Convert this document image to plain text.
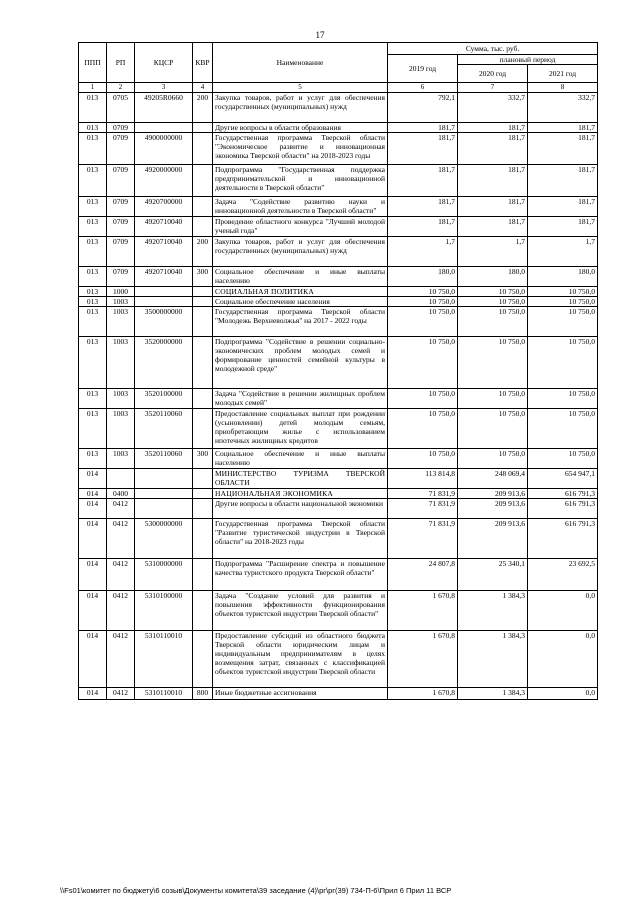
17
ППП	РП	КЦСР	КВР	Наименование	Сумма, тыс. руб.		
					2019 год	плановый период	
						2020 год	2021 год
1	2	3	4	5	6	7	8
013	0705	49205R0660	200	Закупка товаров, работ и услуг для обеспечения государственных (муниципальных) нужд	792,1	332,7	332,7
013	0709			Другие вопросы в области образования	181,7	181,7	181,7
013	0709	4900000000		Государственная программа Тверской области "Экономическое развитие и инновационная экономика Тверской области" на 2018-2023 годы	181,7	181,7	181,7
013	0709	4920000000		Подпрограмма "Государственная поддержка предпринимательской и инновационной деятельности в Тверской области"	181,7	181,7	181,7
013	0709	4920700000		Задача "Содействие развитию науки и инновационной деятельности в Тверской области"	181,7	181,7	181,7
013	0709	4920710040		Проведение областного конкурса "Лучший молодой ученый года"	181,7	181,7	181,7
013	0709	4920710040	200	Закупка товаров, работ и услуг для обеспечения государственных (муниципальных) нужд	1,7	1,7	1,7
013	0709	4920710040	300	Социальное обеспечение и иные выплаты населению	180,0	180,0	180,0
013	1000			СОЦИАЛЬНАЯ ПОЛИТИКА	10 750,0	10 750,0	10 750,0
013	1003			Социальное обеспечение населения	10 750,0	10 750,0	10 750,0
013	1003	3500000000		Государственная программа Тверской области "Молодежь Верхневолжья" на 2017 - 2022 годы	10 750,0	10 750,0	10 750,0
013	1003	3520000000		Подпрограмма "Содействие в решении социально-экономических проблем молодых семей и формирование ценностей семейной культуры в молодежной среде"	10 750,0	10 750,0	10 750,0
013	1003	3520100000		Задача "Содействие в решении жилищных проблем молодых семей"	10 750,0	10 750,0	10 750,0
013	1003	3520110060		Предоставление социальных выплат при рождении (усыновлении) детей молодым семьям, приобретающим жилье с использованием ипотечных жилищных кредитов	10 750,0	10 750,0	10 750,0
013	1003	3520110060	300	Социальное обеспечение и иные выплаты населению	10 750,0	10 750,0	10 750,0
014				МИНИСТЕРСТВО ТУРИЗМА ТВЕРСКОЙ ОБЛАСТИ	113 814,8	248 069,4	654 947,1
014	0400			НАЦИОНАЛЬНАЯ ЭКОНОМИКА	71 831,9	209 913,6	616 791,3
014	0412			Другие вопросы в области национальной экономики	71 831,9	209 913,6	616 791,3
014	0412	5300000000		Государственная программа Тверской области "Развитие туристической индустрии в Тверской области" на 2018-2023 годы	71 831,9	209 913,6	616 791,3
014	0412	5310000000		Подпрограмма "Расширение спектра и повышение качества туристского продукта Тверской области"	24 807,8	25 340,1	23 692,5
014	0412	5310100000		Задача "Создание условий для развития и повышения эффективности функционирования объектов туристской индустрии Тверской области"	1 670,8	1 384,3	0,0
014	0412	5310110010		Предоставление субсидий из областного бюджета Тверской области юридическим лицам и индивидуальным предпринимателям в целях возмещения затрат, связанных с классификацией объектов туристской индустрии Тверской области	1 670,8	1 384,3	0,0
014	0412	5310110010	800	Иные бюджетные ассигнования	1 670,8	1 384,3	0,0
\\Fs01\комитет по бюджету\6 созыв\Документы комитета\39 заседание (4)\рг\рг(39) 734-П-6\Прил 6 Прил 11 ВСР
